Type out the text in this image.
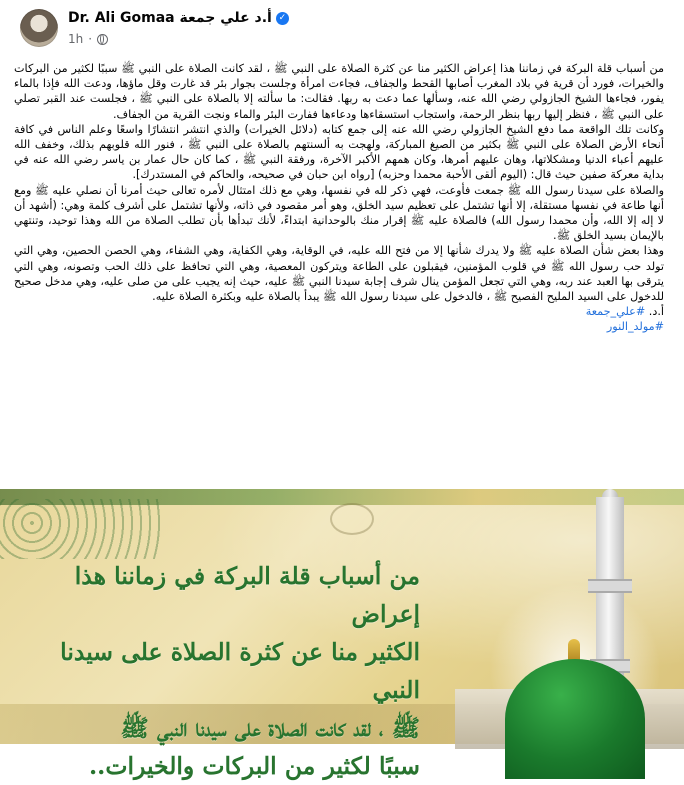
Dr. Ali Gomaa أ.د علي جمعة ✓
1h ·

من أسباب قلة البركة في زماننا هذا إعراض الكثير منا عن كثرة الصلاة على النبي ﷺ ، لقد كانت الصلاة على النبي ﷺ سببًا لكثير من البركات والخيرات، فورد أن قرية في بلاد المغرب أصابها القحط والجفاف، فجاءت امرأة وجلست بجوار بئر قد غارت وقل ماؤها، ودعت الله فإذا بالماء يفور، فجاءها الشيخ الجازولي رضي الله عنه، وسألها عما دعت به ربها. فقالت: ما سألته إلا بالصلاة على النبي ﷺ ، فجلست عند القبر تصلي على النبي ﷺ ، فنظر إليها ربها بنظر الرحمة، واستجاب استسقاءها ودعاءها ففارت البئر والماء ونجت القرية من الجفاف.

وكانت تلك الواقعة مما دفع الشيخ الجازولي رضي الله عنه إلى جمع كتابه (دلائل الخيرات) والذي انتشر انتشارًا واسعًا وعلم الناس في كافة أنحاء الأرض الصلاة على النبي ﷺ بكثير من الصيغ المباركة، ولهجت به ألسنتهم بالصلاة على النبي ﷺ ، فنور الله قلوبهم بذلك، وخفف الله عليهم أعباء الدنيا ومشكلاتها، وهان عليهم أمرها، وكان همهم الأكبر الآخرة، ورفقة النبي ﷺ ، كما كان حال عمار بن ياسر رضي الله عنه في بداية معركة صفين حيث قال: (اليوم ألقى الأحبة محمدا وحزبه) [رواه ابن حبان في صحيحه، والحاكم في المستدرك].

والصلاة على سيدنا رسول الله ﷺ جمعت فأوعت، فهي ذكر لله في نفسها، وهي مع ذلك امتثال لأمره تعالى حيث أمرنا أن نصلي عليه ﷺ ومع أنها طاعة في نفسها مستقلة، إلا أنها تشتمل على تعظيم سيد الخلق، وهو أمر مقصود في ذاته، ولأنها تشتمل على أشرف كلمة وهي: (أشهد أن لا إله إلا الله، وأن محمدا رسول الله) فالصلاة عليه ﷺ إقرار منك بالوحدانية ابتداءً، لأنك تبدأها بأن تطلب الصلاة من الله وهذا توحيد، وتنتهي بالإيمان بسيد الخلق ﷺ.

وهذا بعض شأن الصلاة عليه ﷺ ولا يدرك شأنها إلا من فتح الله عليه، في الوقاية، وهي الكفاية، وهي الشفاء، وهي الحصن الحصين، وهي التي تولد حب رسول الله ﷺ في قلوب المؤمنين، فيقبلون على الطاعة ويتركون المعصية، وهي التي تحافظ على ذلك الحب وتصونه، وهي التي يترقى بها العبد عند ربه، وهي التي تجعل المؤمن ينال شرف إجابة سيدنا النبي ﷺ عليه، حيث إنه يجيب على من صلى عليه، وهي مدخل صحيح للدخول على السيد المليح الفصيح ﷺ ، فالدخول على سيدنا رسول الله ﷺ يبدأ بالصلاة عليه وبكثرة الصلاة عليه.

أ.د. #علي_جمعة

#مولد_النور

من أسباب قلة البركة في زماننا هذا إعراض

الكثير منا عن كثرة الصلاة على سيدنا النبي

ﷺ ، لقد كانت الصلاة على سيدنا النبي ﷺ

سببًا لكثير من البركات والخيرات..
